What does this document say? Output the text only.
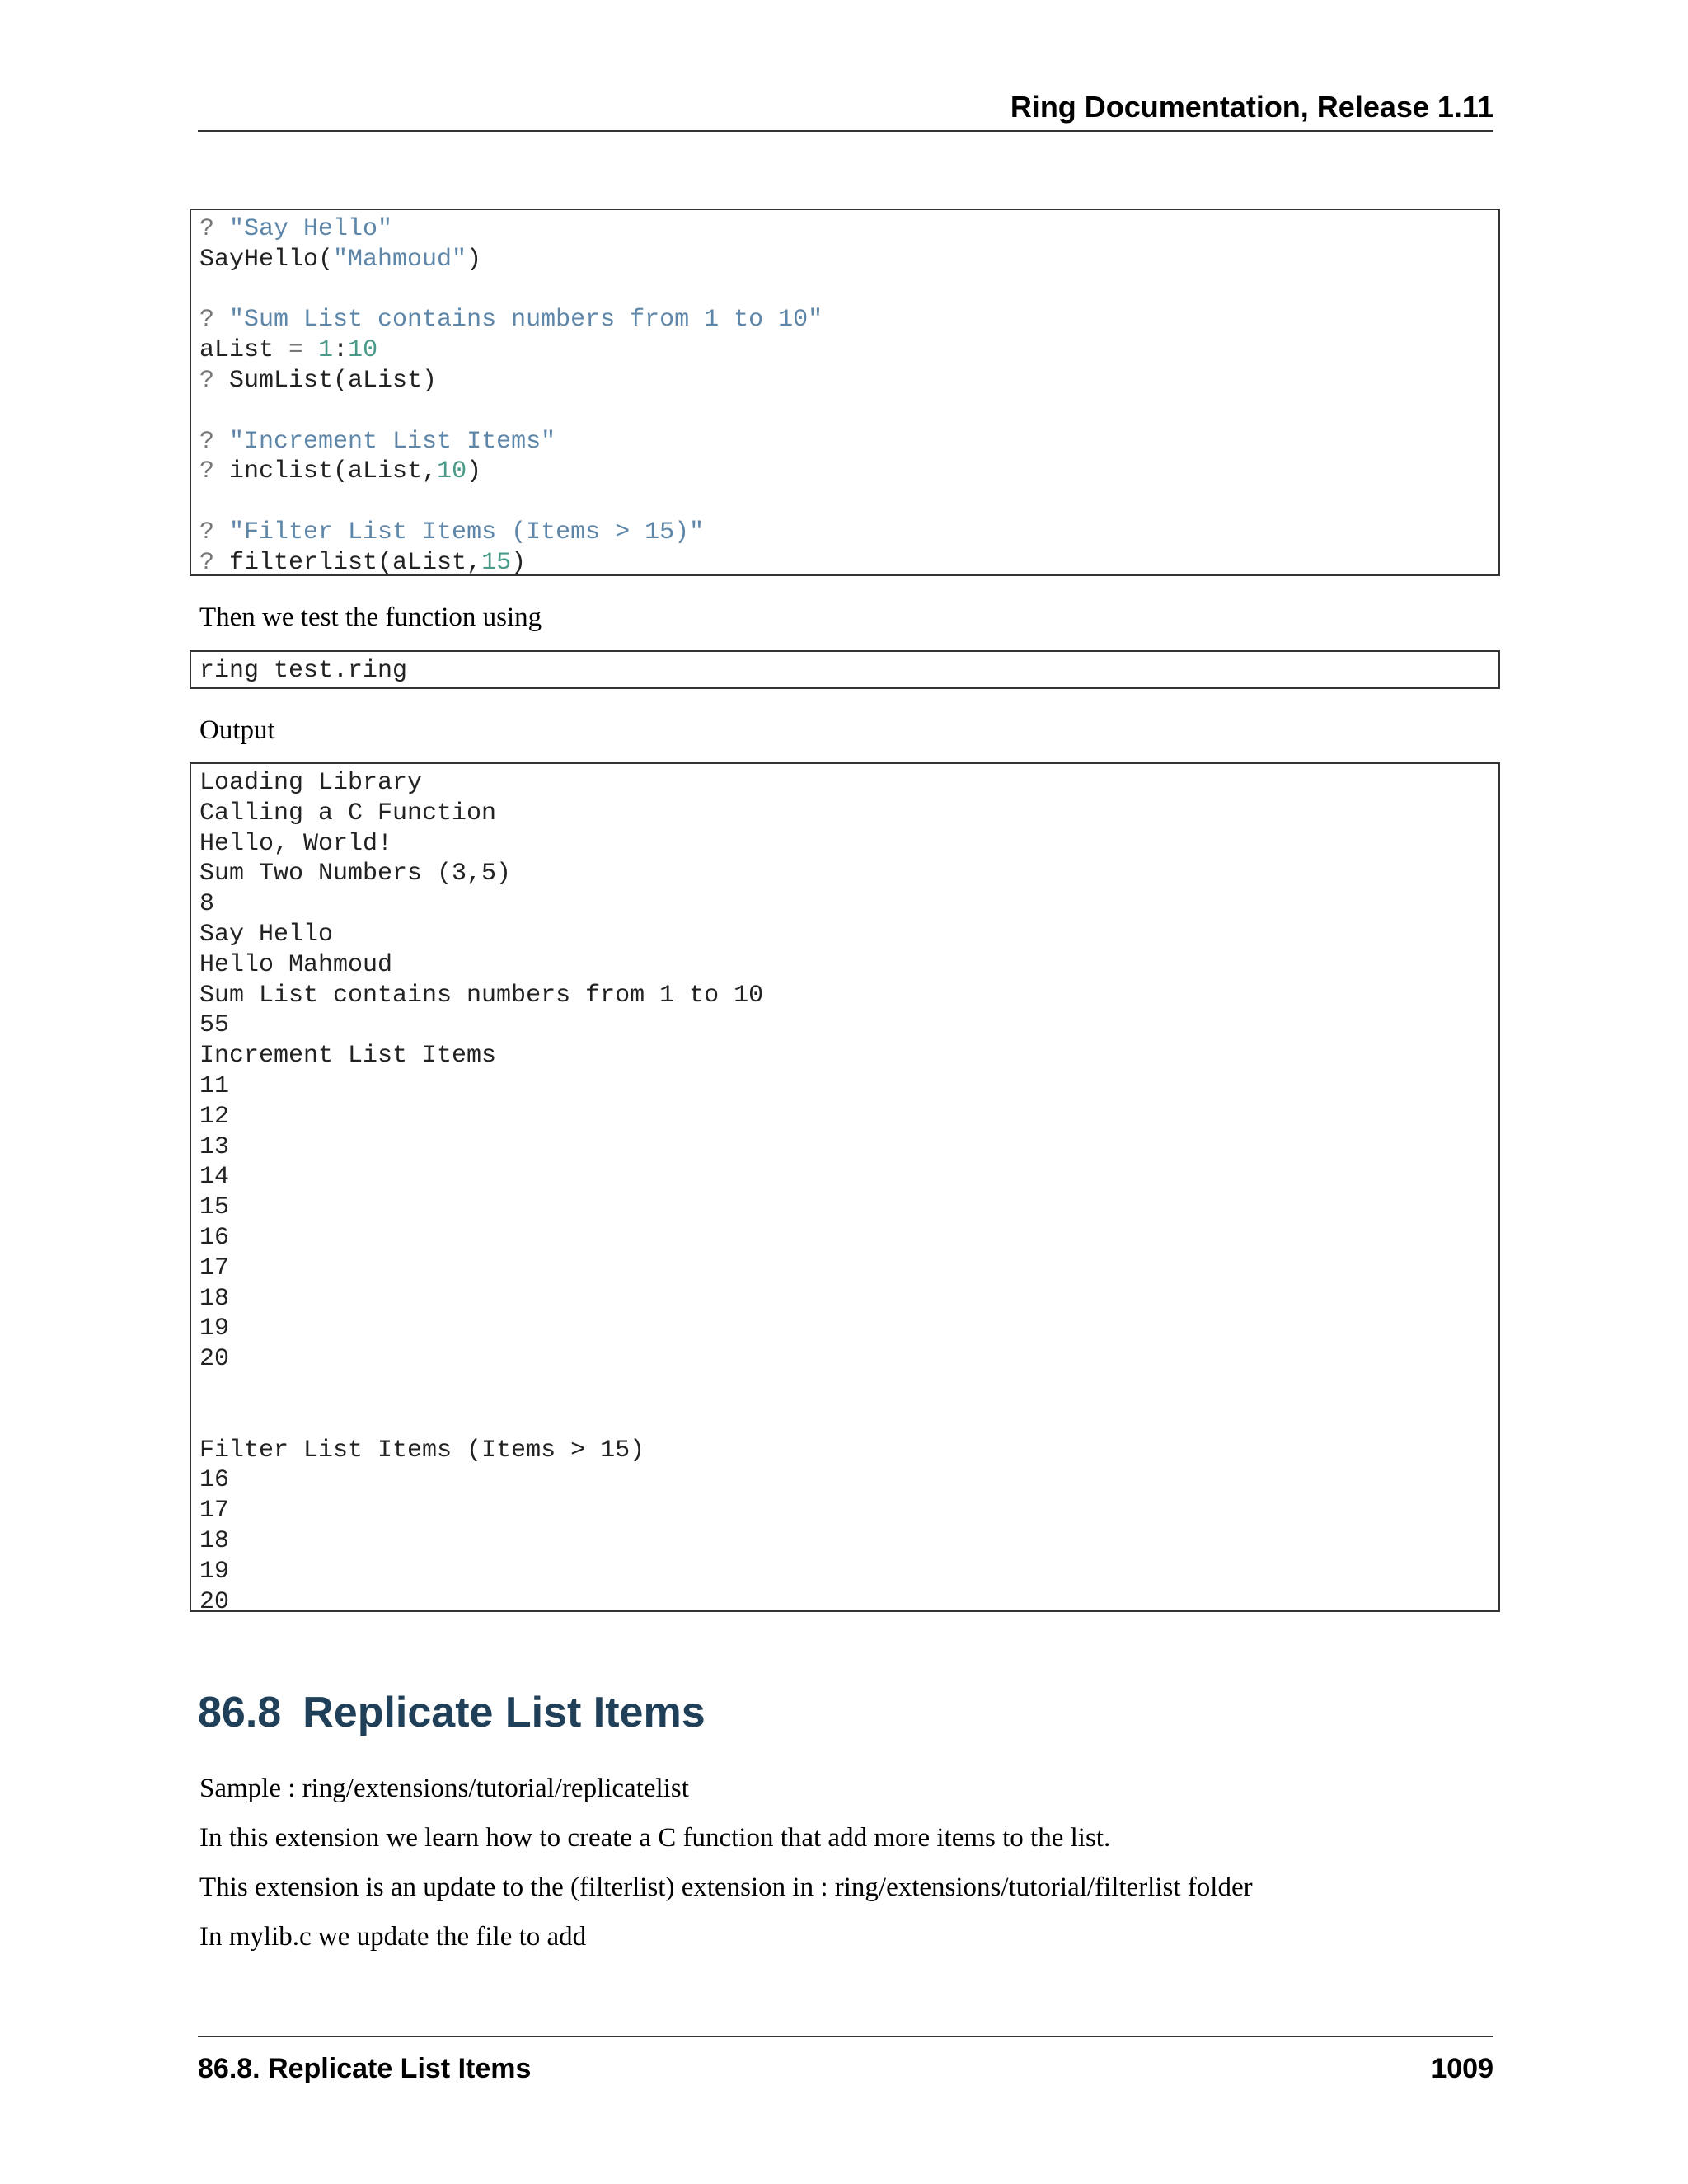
Ring Documentation, Release 1.11
? "Say Hello"
SayHello("Mahmoud")

? "Sum List contains numbers from 1 to 10"
aList = 1:10
? SumList(aList)

? "Increment List Items"
? inclist(aList,10)

? "Filter List Items (Items > 15)"
? filterlist(aList,15)
Then we test the function using
ring test.ring
Output
Loading Library
Calling a C Function
Hello, World!
Sum Two Numbers (3,5)
8
Say Hello
Hello Mahmoud
Sum List contains numbers from 1 to 10
55
Increment List Items
11
12
13
14
15
16
17
18
19
20

Filter List Items (Items > 15)
16
17
18
19
20
86.8 Replicate List Items
Sample : ring/extensions/tutorial/replicatelist
In this extension we learn how to create a C function that add more items to the list.
This extension is an update to the (filterlist) extension in : ring/extensions/tutorial/filterlist folder
In mylib.c we update the file to add
86.8. Replicate List Items	1009
